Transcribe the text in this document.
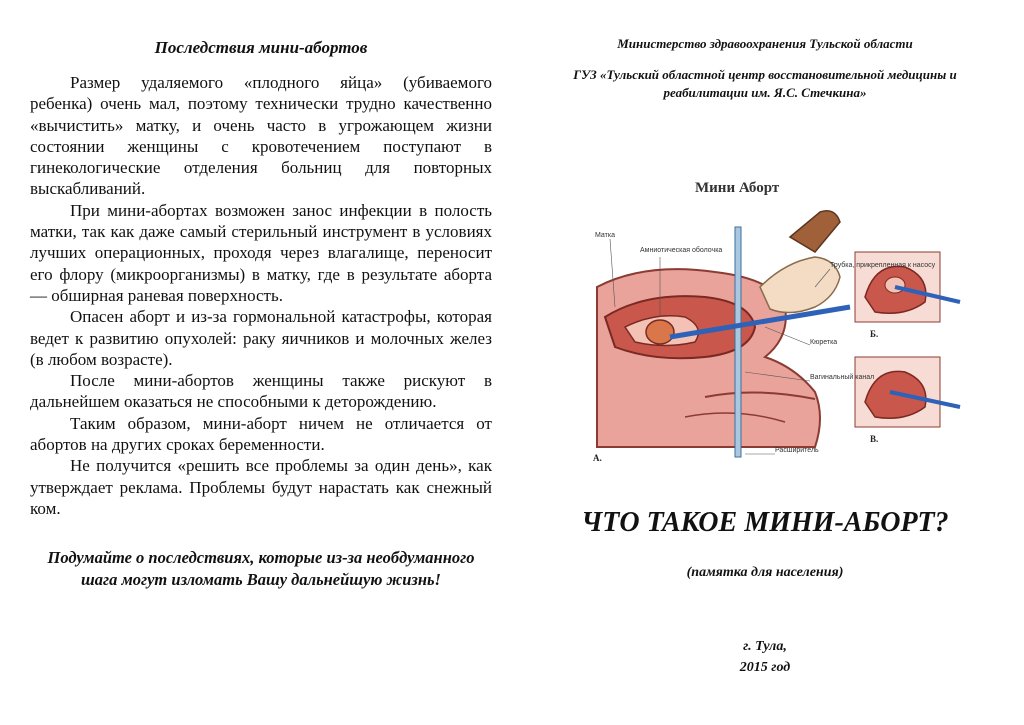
Последствия мини-абортов

Размер удаляемого «плодного яйца» (убиваемого ребенка) очень мал, поэтому технически трудно качественно «вычистить» матку, и очень часто в угрожающем жизни состоянии женщины с кровотечением поступают в гинекологические отделения больниц для повторных выскабливаний.

При мини-абортах возможен занос инфекции в полость матки, так как даже самый стерильный инструмент в условиях лучших операционных, проходя через влагалище, переносит его флору (микроорганизмы) в матку, где в результате аборта — обширная раневая поверхность.

Опасен аборт и из-за гормональной катастрофы, которая ведет к развитию опухолей: раку яичников и молочных желез (в любом возрасте).

После мини-абортов женщины также рискуют в дальнейшем оказаться не способными к деторождению.

Таким образом, мини-аборт ничем не отличается от абортов на других сроках беременности.

Не получится «решить все проблемы за один день», как утверждает реклама. Проблемы будут нарастать как снежный ком.

Подумайте о последствиях, которые из-за необдуманного шага могут изломать Вашу дальнейшую жизнь!
Министерство здравоохранения Тульской области
ГУЗ «Тульский областной центр восстановительной медицины и реабилитации им. Я.С. Стечкина»
Мини Аборт
Матка
Амниотическая оболочка
Трубка, прикрепленная к насосу
Кюретка
Вагинальный канал
Расширитель
А.
Б.
В.
ЧТО ТАКОЕ МИНИ-АБОРТ?
(памятка для населения)
г. Тула,
2015 год
